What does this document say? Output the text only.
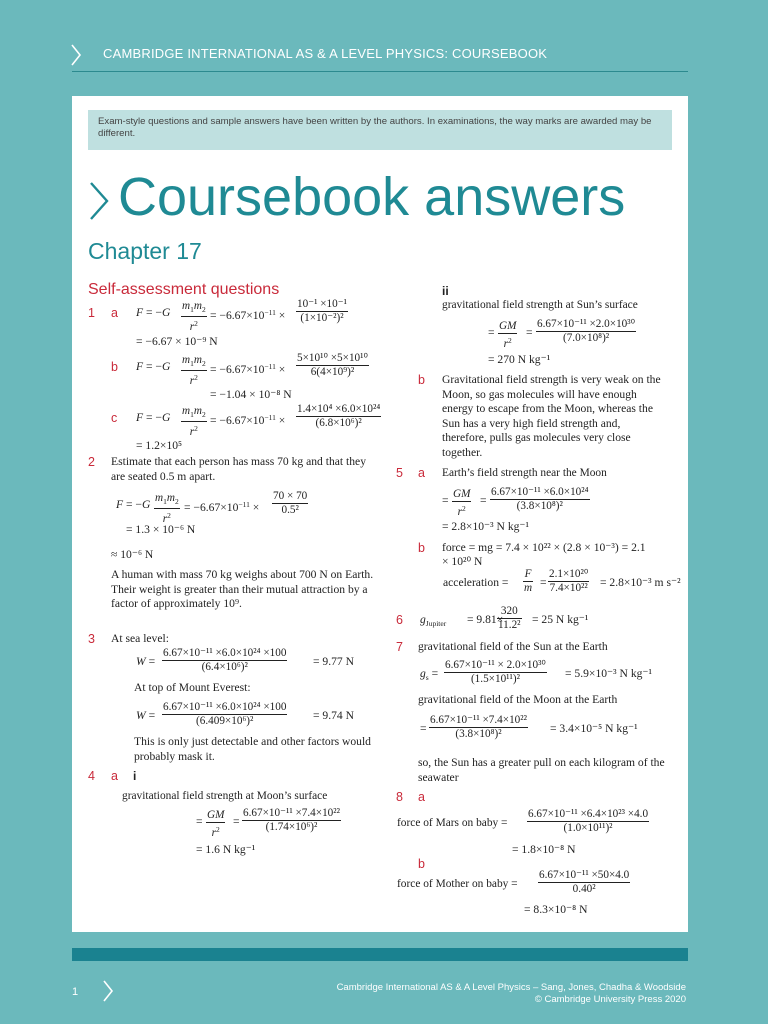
CAMBRIDGE INTERNATIONAL AS & A LEVEL PHYSICS: COURSEBOOK
Exam-style questions and sample answers have been written by the authors. In examinations, the way marks are awarded may be different.
Coursebook answers
Chapter 17
Self-assessment questions
1 a F = −G $m_1m_2$
$r^2$
= $-6.67\times 10^{-11} \times \frac{\text{10⁻¹ ×10⁻¹}}{\text{(1×10⁻²)²}}$
= −6.67 × 10⁻⁹ N
b F = −G $m_1m_2$
$r^2$
= $-6.67\times 10^{-11} \times \frac{\text{5×10¹⁰ ×5×10¹⁰}}{\text{6(4×10⁹)²}}$
= −1.04 × 10⁻⁸ N
c F = −G $m_1m_2$
$r^2$
= $-6.67\times 10^{-11} \times \frac{\text{1.4×10⁴ ×6.0×10²⁴}}{\text{(6.8×10⁶)²}}$
= 1.2×10⁵
2 Estimate that each person has mass 70 kg and that they are seated 0.5 m apart.
F = −G $m_1m_2$
$r^2$
= $-6.67\times 10^{-11} \times \frac{70 \times 70}{\text{0.5²}}$
= 1.3 × 10⁻⁶ N
≈ 10⁻⁶ N
A human with mass 70 kg weighs about 700 N on Earth. Their weight is greater than their mutual attraction by a factor of approximately 10⁹.
3 At sea level:
$W = \frac{\text{6.67×10⁻¹¹ ×6.0×10²⁴ ×100}}{\text{(6.4×10⁶)²}} = 9.77$ N
At top of Mount Everest:
$W = \frac{\text{6.67×10⁻¹¹ ×6.0×10²⁴ ×100}}{\text{(6.409×10⁶)²}} = 9.74$ N
This is only just detectable and other factors would probably mask it.
4 a i
gravitational field strength at Moon’s surface
= GM
$r^2$
= $\frac{\text{6.67×10⁻¹¹ ×7.4×10²²}}{\text{(1.74×10⁶)²}}$
= 1.6 N kg⁻¹
ii
gravitational field strength at Sun’s surface
= GM
$r^2$
= $\frac{\text{6.67×10⁻¹¹ ×2.0×10³⁰}}{\text{(7.0×10⁸)²}}$
= 270 N kg⁻¹
b Gravitational field strength is very weak on the Moon, so gas molecules will have enough energy to escape from the Moon, whereas the Sun has a very high field strength and, therefore, pulls gas molecules very close together.
5 a Earth’s field strength near the Moon
= GM
$r^2$
= $\frac{\text{6.67×10⁻¹¹ ×6.0×10²⁴}}{\text{(3.8×10⁸)²}}$
= 2.8×10⁻³ N kg⁻¹
b force = mg = 7.4 × 10²² × (2.8 × 10⁻³) = 2.1
× 10²⁰ N
acceleration =
F
$m = \frac{\text{2.1×10²⁰}}{\text{7.4×10²²}} = 2.8\times 10^{-3}$ m s⁻²
6 $g_{Jupiter} = 9.81\times$
$\frac{320}{\text{11.2²}} = 25$ N kg⁻¹
7 gravitational field of the Sun at the Earth
$g_s = \frac{\text{6.67×10⁻¹¹ × 2.0×10³⁰}}{\text{(1.5×10¹¹)²}} = 5.9\times 10^{-3}$ N kg⁻¹
gravitational field of the Moon at the Earth
= $\frac{\text{6.67×10⁻¹¹ ×7.4×10²²}}{\text{(3.8×10⁸)²}} = 3.4\times 10^{-5}$ N kg⁻¹
so, the Sun has a greater pull on each kilogram of the seawater
8 a
force of Mars on baby = $\frac{\text{6.67×10⁻¹¹ ×6.4×10²³ ×4.0}}{\text{(1.0×10¹¹)²}}$
= 1.8×10⁻⁸ N
b
force of Mother on baby = $\frac{\text{6.67×10⁻¹¹ ×50×4.0}}{\text{0.40²}}$
= 8.3×10⁻⁸ N
1	Cambridge International AS & A Level Physics – Sang, Jones, Chadha & Woodside
© Cambridge University Press 2020
